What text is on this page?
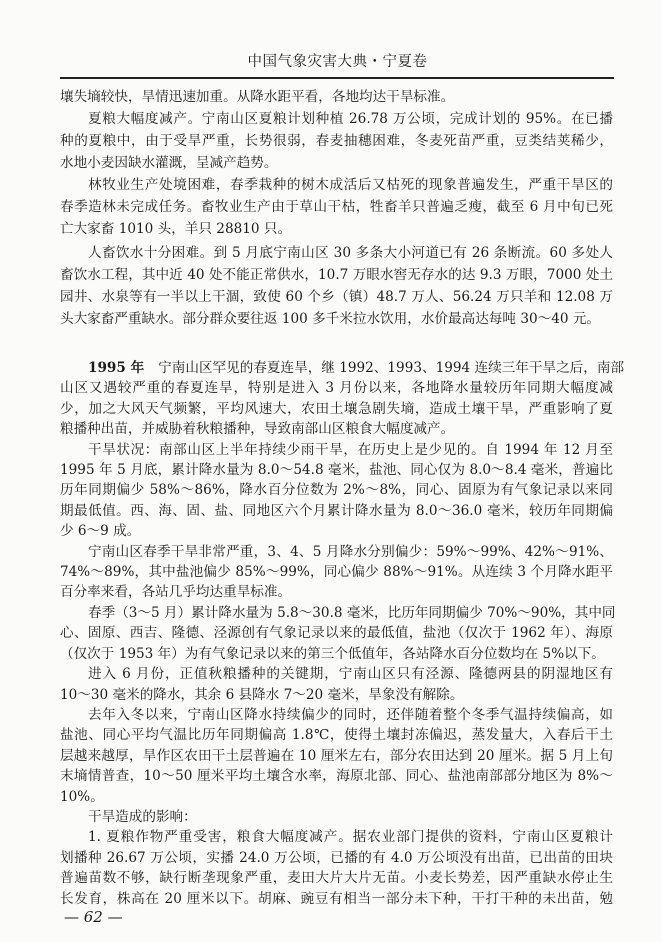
中国气象灾害大典・宁夏卷
壤失墒较快，旱情迅速加重。从降水距平看，各地均达干旱标准。
夏粮大幅度减产。宁南山区夏粮计划种植 26.78 万公顷，完成计划的 95%。在已播
种的夏粮中，由于受旱严重，长势很弱，春麦抽穗困难，冬麦死苗严重，豆类结荚稀少，
水地小麦因缺水灌溉，呈减产趋势。
林牧业生产处境困难，春季栽种的树木成活后又枯死的现象普遍发生，严重干旱区的
春季造林未完成任务。畜牧业生产由于草山干枯，牲畜羊只普遍乏瘦，截至 6 月中旬已死
亡大家畜 1010 头，羊只 28810 只。
人畜饮水十分困难。到 5 月底宁南山区 30 多条大小河道已有 26 条断流。60 多处人
畜饮水工程，其中近 40 处不能正常供水，10.7 万眼水窖无存水的达 9.3 万眼，7000 处土
园井、水泉等有一半以上干涸，致使 60 个乡（镇）48.7 万人、56.24 万只羊和 12.08 万
头大家畜严重缺水。部分群众要往返 100 多千米拉水饮用，水价最高达每吨 30～40 元。
1995 年 宁南山区罕见的春夏连旱，继 1992、1993、1994 连续三年干旱之后，南部
山区又遇较严重的春夏连旱，特别是进入 3 月份以来，各地降水量较历年同期大幅度减
少，加之大风天气频繁，平均风速大，农田土壤急剧失墒，造成土壤干旱，严重影响了夏
粮播种出苗，并威胁着秋粮播种，导致南部山区粮食大幅度减产。
干旱状况：南部山区上半年持续少雨干旱，在历史上是少见的。自 1994 年 12 月至
1995 年 5 月底，累计降水量为 8.0～54.8 毫米，盐池、同心仅为 8.0～8.4 毫米，普遍比
历年同期偏少 58%～86%，降水百分位数为 2%～8%，同心、固原为有气象记录以来同
期最低值。西、海、固、盐、同地区六个月累计降水量为 8.0～36.0 毫米，较历年同期偏
少 6～9 成。
宁南山区春季干旱非常严重，3、4、5 月降水分别偏少：59%～99%、42%～91%、
74%～89%，其中盐池偏少 85%～99%，同心偏少 88%～91%。从连续 3 个月降水距平
百分率来看，各站几乎均达重旱标准。
春季（3～5 月）累计降水量为 5.8～30.8 毫米，比历年同期偏少 70%～90%，其中同
心、固原、西吉、隆德、泾源创有气象记录以来的最低值，盐池（仅次于 1962 年）、海原
（仅次于 1953 年）为有气象记录以来的第三个低值年，各站降水百分位数均在 5%以下。
进入 6 月份，正值秋粮播种的关键期，宁南山区只有泾源、隆德两县的阴湿地区有
10～30 毫米的降水，其余 6 县降水 7～20 毫米，旱象没有解除。
去年入冬以来，宁南山区降水持续偏少的同时，还伴随着整个冬季气温持续偏高，如
盐池、同心平均气温比历年同期偏高 1.8℃，使得土壤封冻偏迟，蒸发量大，入春后干土
层越来越厚，旱作区农田干土层普遍在 10 厘米左右，部分农田达到 20 厘米。据 5 月上旬
末墒情普查，10～50 厘米平均土壤含水率，海原北部、同心、盐池南部部分地区为 8%～
10%。
干旱造成的影响：
1. 夏粮作物严重受害，粮食大幅度减产。据农业部门提供的资料，宁南山区夏粮计
划播种 26.67 万公顷，实播 24.0 万公顷，已播的有 4.0 万公顷没有出苗，已出苗的田块
普遍苗数不够，缺行断垄现象严重，麦田大片大片无苗。小麦长势差，因严重缺水停止生
长发育，株高在 20 厘米以下。胡麻、豌豆有相当一部分未下种，干打干种的未出苗，勉
— 62 —
